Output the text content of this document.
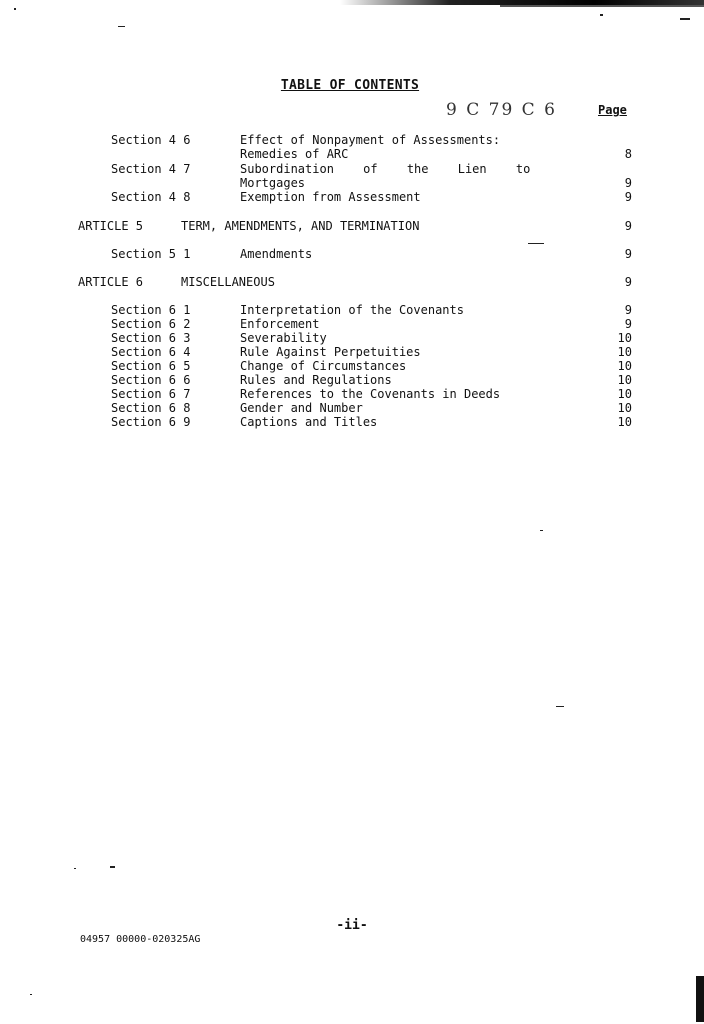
TABLE OF CONTENTS
9 C 79 C 6	Page
Section 4 6	Effect of Nonpayment of Assessments:
Remedies of ARC	8
Section 4 7	Subordination of the Lien to
Mortgages	9
Section 4 8	Exemption from Assessment	9
ARTICLE 5	TERM, AMENDMENTS, AND TERMINATION	9
Section 5 1	Amendments	9
ARTICLE 6	MISCELLANEOUS	9
Section 6 1	Interpretation of the Covenants	9
Section 6 2	Enforcement	9
Section 6 3	Severability	10
Section 6 4	Rule Against Perpetuities	10
Section 6 5	Change of Circumstances	10
Section 6 6	Rules and Regulations	10
Section 6 7	References to the Covenants in Deeds	10
Section 6 8	Gender and Number	10
Section 6 9	Captions and Titles	10
-ii-
04957 00000-020325AG
